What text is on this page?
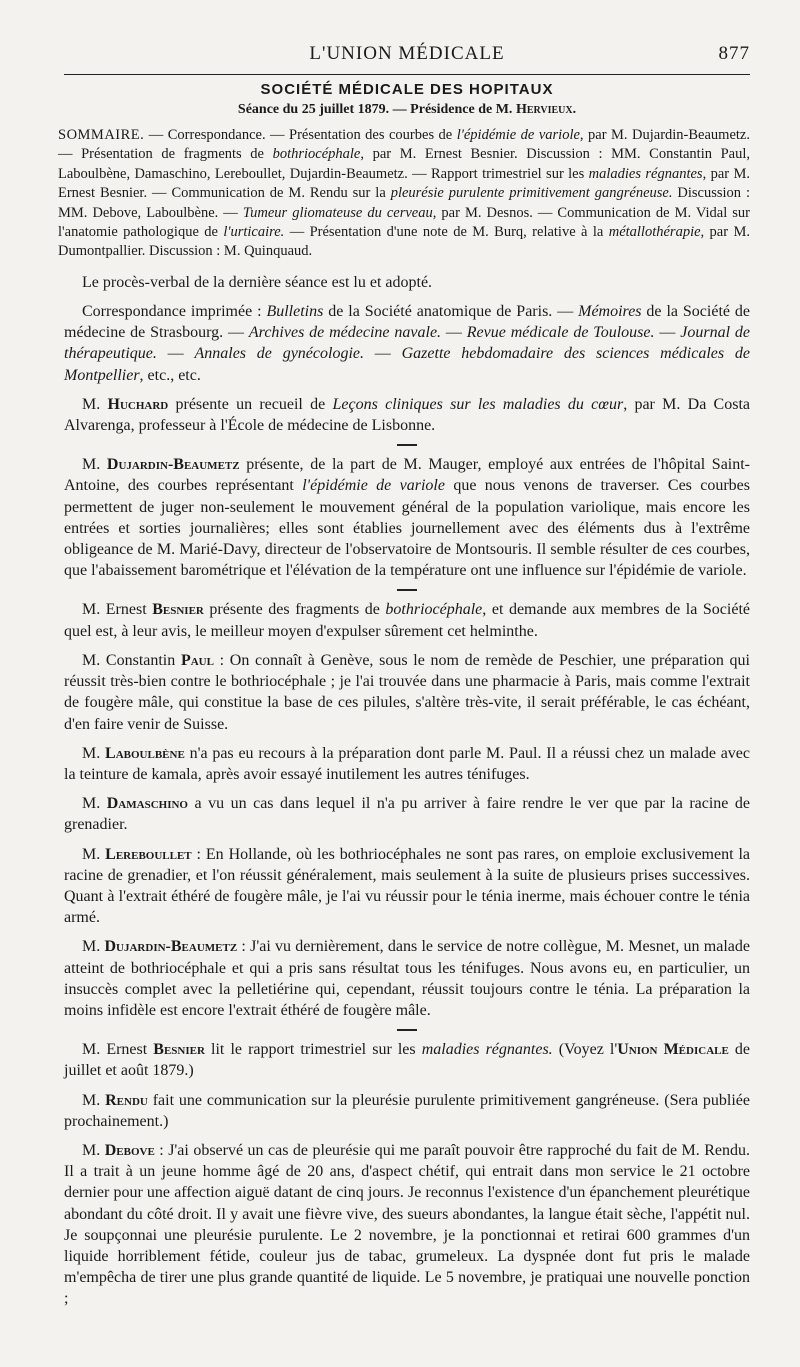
L'UNION MÉDICALE	877
SOCIÉTÉ MÉDICALE DES HOPITAUX
Séance du 25 juillet 1879. — Présidence de M. Hervieux.
SOMMAIRE. — Correspondance. — Présentation des courbes de l'épidémie de variole, par M. Dujardin-Beaumetz. — Présentation de fragments de bothriocéphale, par M. Ernest Besnier. Discussion : MM. Constantin Paul, Laboulbène, Damaschino, Lereboullet, Dujardin-Beaumetz. — Rapport trimestriel sur les maladies régnantes, par M. Ernest Besnier. — Communication de M. Rendu sur la pleurésie purulente primitivement gangréneuse. Discussion : MM. Debove, Laboulbène. — Tumeur gliomateuse du cerveau, par M. Desnos. — Communication de M. Vidal sur l'anatomie pathologique de l'urticaire. — Présentation d'une note de M. Burq, relative à la métallothérapie, par M. Dumontpallier. Discussion : M. Quinquaud.

Le procès-verbal de la dernière séance est lu et adopté.

Correspondance imprimée : Bulletins de la Société anatomique de Paris. — Mémoires de la Société de médecine de Strasbourg. — Archives de médecine navale. — Revue médicale de Toulouse. — Journal de thérapeutique. — Annales de gynécologie. — Gazette hebdomadaire des sciences médicales de Montpellier, etc., etc.

M. Huchard présente un recueil de Leçons cliniques sur les maladies du cœur, par M. Da Costa Alvarenga, professeur à l'École de médecine de Lisbonne.

M. Dujardin-Beaumetz présente, de la part de M. Mauger, employé aux entrées de l'hôpital Saint-Antoine, des courbes représentant l'épidémie de variole que nous venons de traverser. Ces courbes permettent de juger non-seulement le mouvement général de la population variolique, mais encore les entrées et sorties journalières; elles sont établies journellement avec des éléments dus à l'extrême obligeance de M. Marié-Davy, directeur de l'observatoire de Montsouris. Il semble résulter de ces courbes, que l'abaissement barométrique et l'élévation de la température ont une influence sur l'épidémie de variole.

M. Ernest Besnier présente des fragments de bothriocéphale, et demande aux membres de la Société quel est, à leur avis, le meilleur moyen d'expulser sûrement cet helminthe.

M. Constantin Paul : On connaît à Genève, sous le nom de remède de Peschier, une préparation qui réussit très-bien contre le bothriocéphale ; je l'ai trouvée dans une pharmacie à Paris, mais comme l'extrait de fougère mâle, qui constitue la base de ces pilules, s'altère très-vite, il serait préférable, le cas échéant, d'en faire venir de Suisse.

M. Laboulbène n'a pas eu recours à la préparation dont parle M. Paul. Il a réussi chez un malade avec la teinture de kamala, après avoir essayé inutilement les autres ténifuges.

M. Damaschino a vu un cas dans lequel il n'a pu arriver à faire rendre le ver que par la racine de grenadier.

M. Lereboullet : En Hollande, où les bothriocéphales ne sont pas rares, on emploie exclusivement la racine de grenadier, et l'on réussit généralement, mais seulement à la suite de plusieurs prises successives. Quant à l'extrait éthéré de fougère mâle, je l'ai vu réussir pour le ténia inerme, mais échouer contre le ténia armé.

M. Dujardin-Beaumetz : J'ai vu dernièrement, dans le service de notre collègue, M. Mesnet, un malade atteint de bothriocéphale et qui a pris sans résultat tous les ténifuges. Nous avons eu, en particulier, un insuccès complet avec la pelletiérine qui, cependant, réussit toujours contre le ténia. La préparation la moins infidèle est encore l'extrait éthéré de fougère mâle.

M. Ernest Besnier lit le rapport trimestriel sur les maladies régnantes. (Voyez l'Union Médicale de juillet et août 1879.)

M. Rendu fait une communication sur la pleurésie purulente primitivement gangréneuse. (Sera publiée prochainement.)

M. Debove : J'ai observé un cas de pleurésie qui me paraît pouvoir être rapproché du fait de M. Rendu. Il a trait à un jeune homme âgé de 20 ans, d'aspect chétif, qui entrait dans mon service le 21 octobre dernier pour une affection aiguë datant de cinq jours. Je reconnus l'existence d'un épanchement pleurétique abondant du côté droit. Il y avait une fièvre vive, des sueurs abondantes, la langue était sèche, l'appétit nul. Je soupçonnai une pleurésie purulente. Le 2 novembre, je la ponctionnai et retirai 600 grammes d'un liquide horriblement fétide, couleur jus de tabac, grumeleux. La dyspnée dont fut pris le malade m'empêcha de tirer une plus grande quantité de liquide. Le 5 novembre, je pratiquai une nouvelle ponction ;
